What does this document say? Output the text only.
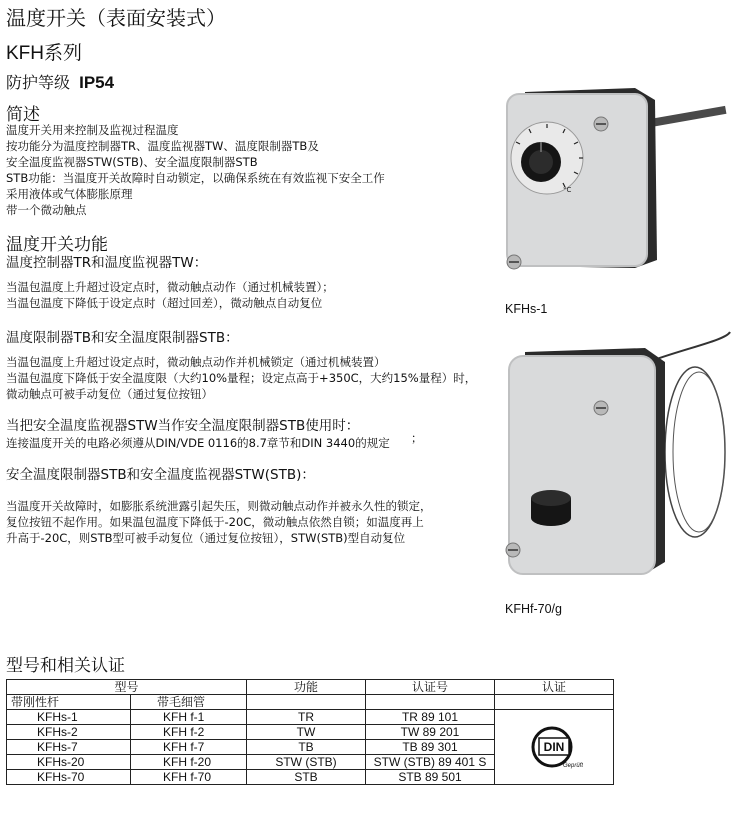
温度开关（表面安装式）
KFH系列
防护等级 IP54
简述
温度开关用来控制及监视过程温度
按功能分为温度控制器TR、温度监视器TW、温度限制器TB及
安全温度监视器STW(STB)、安全温度限制器STB
STB功能：当温度开关故障时自动锁定，以确保系统在有效监视下安全工作
采用液体或气体膨胀原理
带一个微动触点
温度开关功能
温度控制器TR和温度监视器TW：
当温包温度上升超过设定点时，微动触点动作（通过机械装置）；
当温包温度下降低于设定点时（超过回差），微动触点自动复位
温度限制器TB和安全温度限制器STB：
当温包温度上升超过设定点时，微动触点动作并机械锁定（通过机械装置）
当温包温度下降低于安全温度限（大约10%量程；设定点高于+350C，大约15%量程）时，
微动触点可被手动复位（通过复位按钮）
当把安全温度监视器STW当作安全温度限制器STB使用时：
连接温度开关的电路必须遵从DIN/VDE 0116的8.7章节和DIN 3440的规定 ；
安全温度限制器STB和安全温度监视器STW(STB)：
当温度开关故障时，如膨胀系统泄露引起失压，则微动触点动作并被永久性的锁定，
复位按钮不起作用。如果温包温度下降低于-20C，微动触点依然自锁；如温度再上
升高于-20C，则STB型可被手动复位（通过复位按钮），STW(STB)型自动复位
°C
KFHs-1
KFHf-70/g
型号和相关认证
型号		功能	认证号	认证
带刚性杆	带毛细管			
KFHs-1	KFH f-1	TR	TR 89 101	DIN
Geprüft

KFHs-2	KFH f-2	TW	TW 89 201	
KFHs-7	KFH f-7	TB	TB 89 301	
KFHs-20	KFH f-20	STW (STB)	STW (STB) 89 401 S	
KFHs-70	KFH f-70	STB	STB 89 501	
